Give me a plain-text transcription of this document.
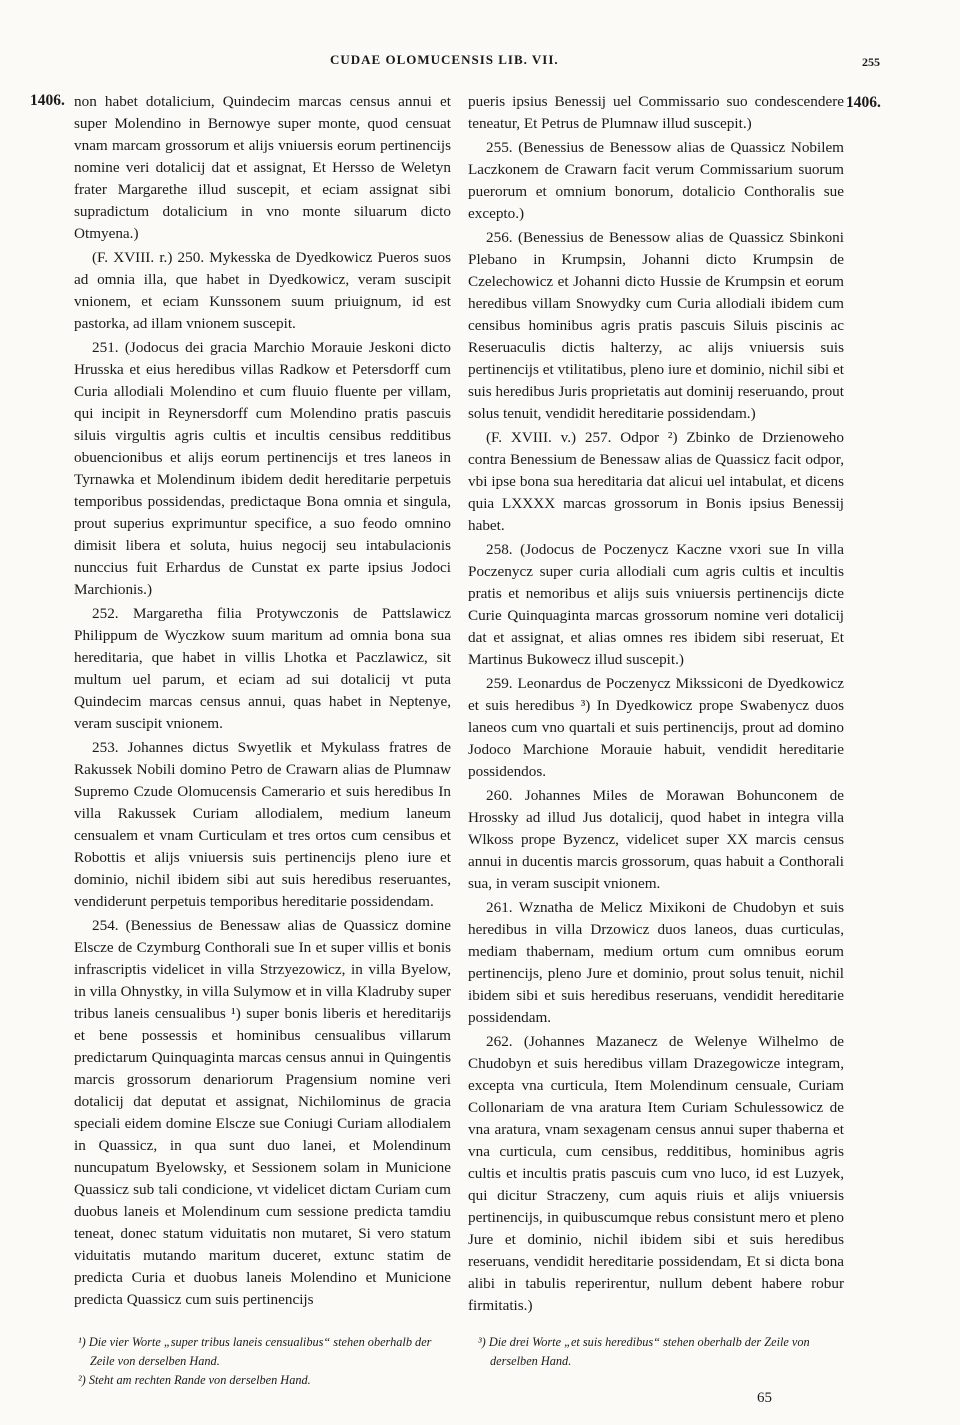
CUDAE OLOMUCENSIS LIB. VII.	255
1406.	1406.

non habet dotalicium, Quindecim marcas census annui et super Molendino in Bernowye super monte, quod censuat vnam marcam grossorum et alijs vniuersis eorum pertinencijs nomine veri dotalicij dat et assignat, Et Hersso de Weletyn frater Margarethe illud suscepit, et eciam assignat sibi supradictum dotalicium in vno monte siluarum dicto Otmyena.)

(F. XVIII. r.) 250. Mykesska de Dyedkowicz Pueros suos ad omnia illa, que habet in Dyedkowicz, veram suscipit vnionem, et eciam Kunssonem suum priuignum, id est pastorka, ad illam vnionem suscepit.

251. (Jodocus dei gracia Marchio Morauie Jeskoni dicto Hrusska et eius heredibus villas Radkow et Petersdorff cum Curia allodiali Molendino et cum fluuio fluente per villam, qui incipit in Reynersdorff cum Molendino pratis pascuis siluis virgultis agris cultis et incultis censibus redditibus obuencionibus et alijs eorum pertinencijs et tres laneos in Tyrnawka et Molendinum ibidem dedit hereditarie perpetuis temporibus possidendas, predictaque Bona omnia et singula, prout superius exprimuntur specifice, a suo feodo omnino dimisit libera et soluta, huius negocij seu intabulacionis nunccius fuit Erhardus de Cunstat ex parte ipsius Jodoci Marchionis.)

252. Margaretha filia Protywczonis de Pattslawicz Philippum de Wyczkow suum maritum ad omnia bona sua hereditaria, que habet in villis Lhotka et Paczlawicz, sit multum uel parum, et eciam ad sui dotalicij vt puta Quindecim marcas census annui, quas habet in Neptenye, veram suscipit vnionem.

253. Johannes dictus Swyetlik et Mykulass fratres de Rakussek Nobili domino Petro de Crawarn alias de Plumnaw Supremo Czude Olomucensis Camerario et suis heredibus In villa Rakussek Curiam allodialem, medium laneum censualem et vnam Curticulam et tres ortos cum censibus et Robottis et alijs vniuersis suis pertinencijs pleno iure et dominio, nichil ibidem sibi aut suis heredibus reseruantes, vendiderunt perpetuis temporibus hereditarie possidendam.

254. (Benessius de Benessaw alias de Quassicz domine Elscze de Czymburg Conthorali sue In et super villis et bonis infrascriptis videlicet in villa Strzyezowicz, in villa Byelow, in villa Ohnystky, in villa Sulymow et in villa Kladruby super tribus laneis censualibus ¹) super bonis liberis et hereditarijs et bene possessis et hominibus censualibus villarum predictarum Quinquaginta marcas census annui in Quingentis marcis grossorum denariorum Pragensium nomine veri dotalicij dat deputat et assignat, Nichilominus de gracia speciali eidem domine Elscze sue Coniugi Curiam allodialem in Quassicz, in qua sunt duo lanei, et Molendinum nuncupatum Byelowsky, et Sessionem solam in Municione Quassicz sub tali condicione, vt videlicet dictam Curiam cum duobus laneis et Molendinum cum sessione predicta tamdiu teneat, donec statum viduitatis non mutaret, Si vero statum viduitatis mutando maritum duceret, extunc statim de predicta Curia et duobus laneis Molendino et Municione predicta Quassicz cum suis pertinencijs

pueris ipsius Benessij uel Commissario suo condescendere teneatur, Et Petrus de Plumnaw illud suscepit.)

255. (Benessius de Benessow alias de Quassicz Nobilem Laczkonem de Crawarn facit verum Commissarium suorum puerorum et omnium bonorum, dotalicio Conthoralis sue excepto.)

256. (Benessius de Benessow alias de Quassicz Sbinkoni Plebano in Krumpsin, Johanni dicto Krumpsin de Czelechowicz et Johanni dicto Hussie de Krumpsin et eorum heredibus villam Snowydky cum Curia allodiali ibidem cum censibus hominibus agris pratis pascuis Siluis piscinis ac Reseruaculis dictis halterzy, ac alijs vniuersis suis pertinencijs et vtilitatibus, pleno iure et dominio, nichil sibi et suis heredibus Juris proprietatis aut dominij reseruando, prout solus tenuit, vendidit hereditarie possidendam.)

(F. XVIII. v.) 257. Odpor ²) Zbinko de Drzienoweho contra Benessium de Benessaw alias de Quassicz facit odpor, vbi ipse bona sua hereditaria dat alicui uel intabulat, et dicens quia LXXXX marcas grossorum in Bonis ipsius Benessij habet.

258. (Jodocus de Poczenycz Kaczne vxori sue In villa Poczenycz super curia allodiali cum agris cultis et incultis pratis et nemoribus et alijs suis vniuersis pertinencijs dicte Curie Quinquaginta marcas grossorum nomine veri dotalicij dat et assignat, et alias omnes res ibidem sibi reseruat, Et Martinus Bukowecz illud suscepit.)

259. Leonardus de Poczenycz Mikssiconi de Dyedkowicz et suis heredibus ³) In Dyedkowicz prope Swabenycz duos laneos cum vno quartali et suis pertinencijs, prout ad domino Jodoco Marchione Morauie habuit, vendidit hereditarie possidendos.

260. Johannes Miles de Morawan Bohunconem de Hrossky ad illud Jus dotalicij, quod habet in integra villa Wlkoss prope Byzencz, videlicet super XX marcis census annui in ducentis marcis grossorum, quas habuit a Conthorali sua, in veram suscipit vnionem.

261. Wznatha de Melicz Mixikoni de Chudobyn et suis heredibus in villa Drzowicz duos laneos, duas curticulas, mediam thabernam, medium ortum cum omnibus eorum pertinencijs, pleno Jure et dominio, prout solus tenuit, nichil ibidem sibi et suis heredibus reseruans, vendidit hereditarie possidendam.

262. (Johannes Mazanecz de Welenye Wilhelmo de Chudobyn et suis heredibus villam Drazegowicze integram, excepta vna curticula, Item Molendinum censuale, Curiam Collonariam de vna aratura Item Curiam Schulessowicz de vna aratura, vnam sexagenam census annui super thaberna et vna curticula, cum censibus, redditibus, hominibus agris cultis et incultis pratis pascuis cum vno luco, id est Luzyek, qui dicitur Straczeny, cum aquis riuis et alijs vniuersis pertinencijs, in quibuscumque rebus consistunt mero et pleno Jure et dominio, nichil ibidem sibi et suis heredibus reseruans, vendidit hereditarie possidendam, Et si dicta bona alibi in tabulis reperirentur, nullum debent habere robur firmitatis.)

¹) Die vier Worte „super tribus laneis censualibus“ stehen oberhalb der Zeile von derselben Hand.

²) Steht am rechten Rande von derselben Hand.

³) Die drei Worte „et suis heredibus“ stehen oberhalb der Zeile von derselben Hand.

65
